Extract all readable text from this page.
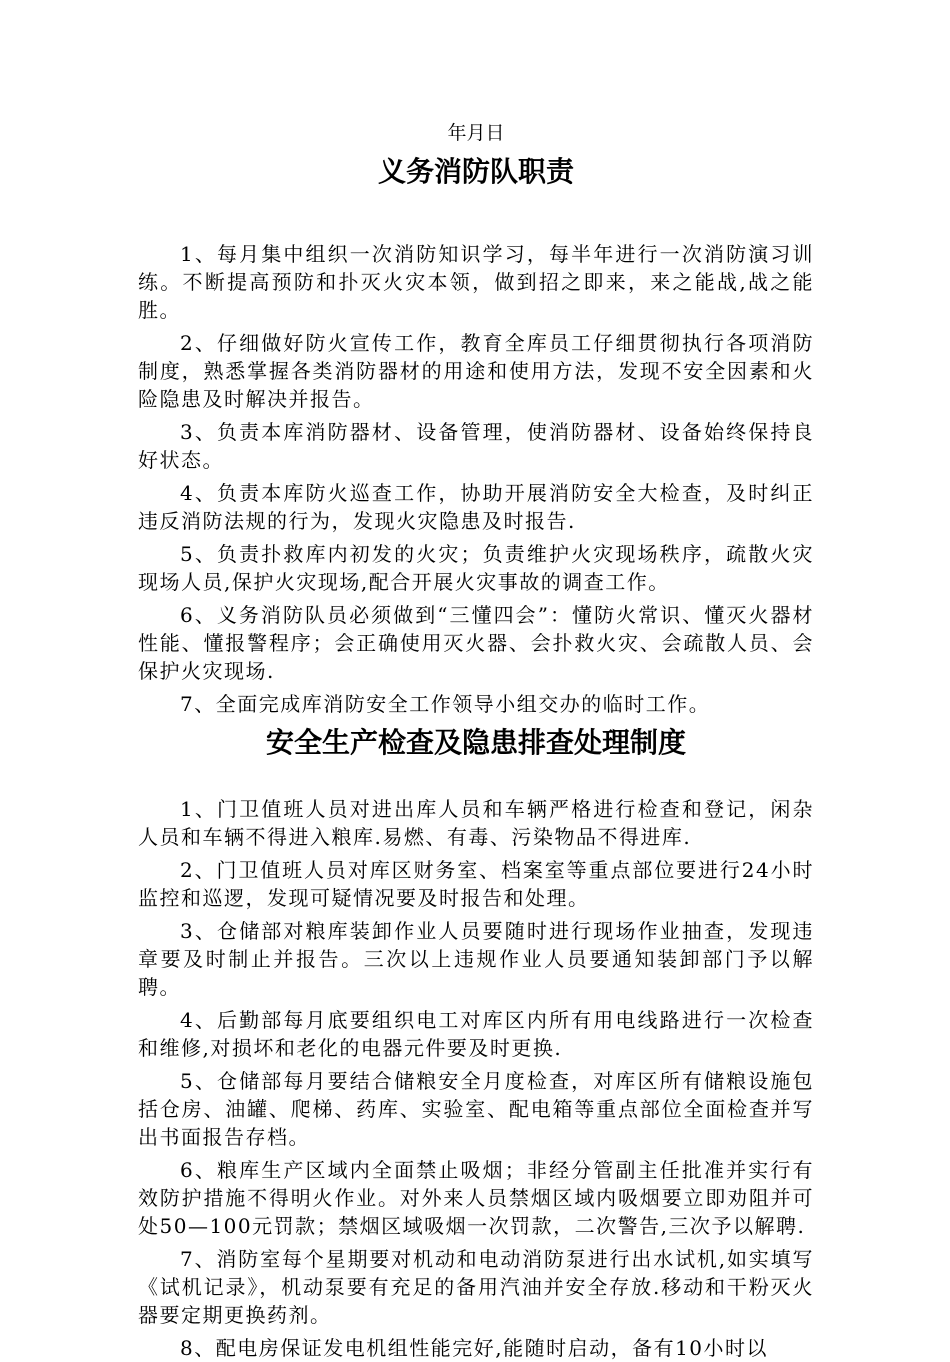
年月日

义务消防队职责

1、每月集中组织一次消防知识学习，每半年进行一次消防演习训练。不断提高预防和扑灭火灾本领，做到招之即来，来之能战,战之能胜。

2、仔细做好防火宣传工作，教育全库员工仔细贯彻执行各项消防制度，熟悉掌握各类消防器材的用途和使用方法，发现不安全因素和火险隐患及时解决并报告。

3、负责本库消防器材、设备管理，使消防器材、设备始终保持良好状态。

4、负责本库防火巡查工作，协助开展消防安全大检查，及时纠正违反消防法规的行为，发现火灾隐患及时报告.

5、负责扑救库内初发的火灾；负责维护火灾现场秩序，疏散火灾现场人员,保护火灾现场,配合开展火灾事故的调查工作。

6、义务消防队员必须做到“三懂四会”：懂防火常识、懂灭火器材性能、懂报警程序；会正确使用灭火器、会扑救火灾、会疏散人员、会保护火灾现场.

7、全面完成库消防安全工作领导小组交办的临时工作。

安全生产检查及隐患排查处理制度

1、门卫值班人员对进出库人员和车辆严格进行检查和登记，闲杂人员和车辆不得进入粮库.易燃、有毒、污染物品不得进库.

2、门卫值班人员对库区财务室、档案室等重点部位要进行24小时监控和巡逻，发现可疑情况要及时报告和处理。

3、仓储部对粮库装卸作业人员要随时进行现场作业抽查，发现违章要及时制止并报告。三次以上违规作业人员要通知装卸部门予以解聘。

4、后勤部每月底要组织电工对库区内所有用电线路进行一次检查和维修,对损坏和老化的电器元件要及时更换.

5、仓储部每月要结合储粮安全月度检查，对库区所有储粮设施包括仓房、油罐、爬梯、药库、实验室、配电箱等重点部位全面检查并写出书面报告存档。

6、粮库生产区域内全面禁止吸烟；非经分管副主任批准并实行有效防护措施不得明火作业。对外来人员禁烟区域内吸烟要立即劝阻并可处50—100元罚款；禁烟区域吸烟一次罚款，二次警告,三次予以解聘.

7、消防室每个星期要对机动和电动消防泵进行出水试机,如实填写《试机记录》，机动泵要有充足的备用汽油并安全存放.移动和干粉灭火器要定期更换药剂。

8、配电房保证发电机组性能完好,能随时启动，备有10小时以
